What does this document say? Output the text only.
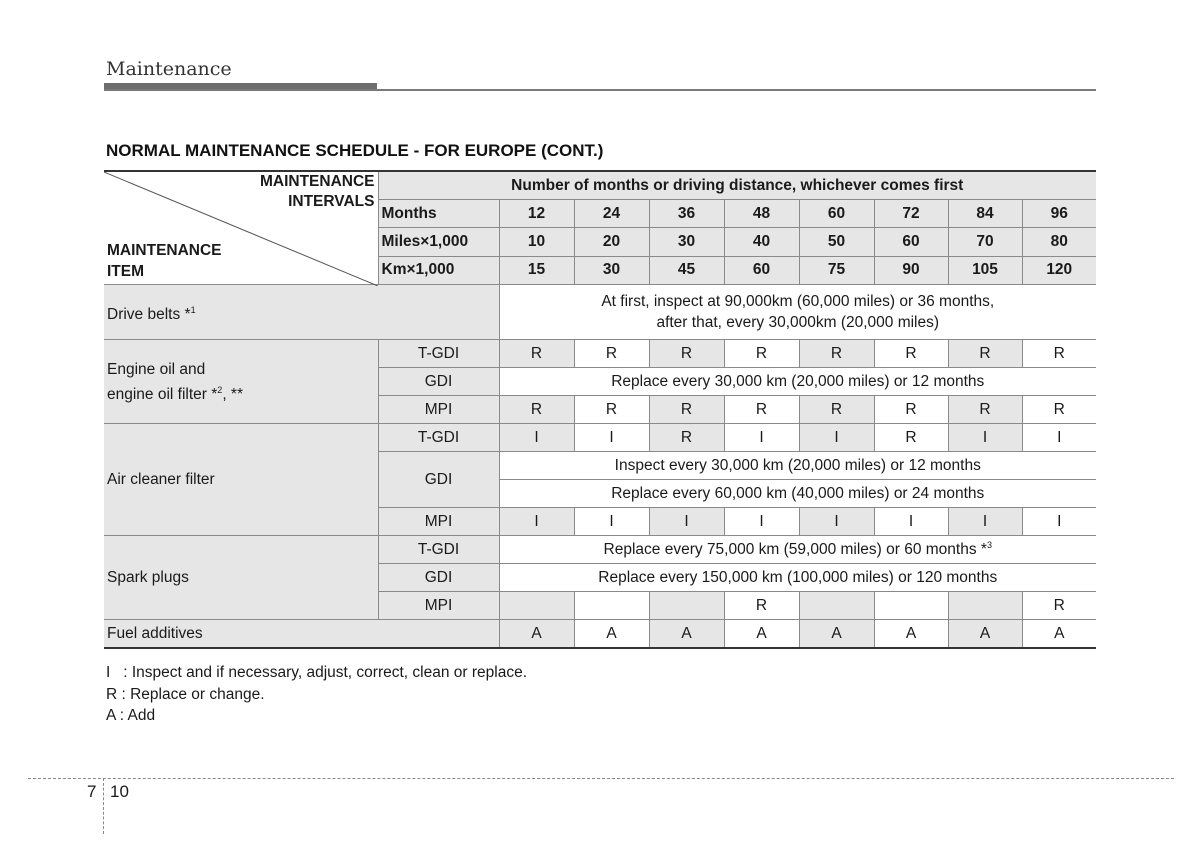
Maintenance
NORMAL MAINTENANCE SCHEDULE - FOR EUROPE (CONT.)
MAINTENANCE
INTERVALS
MAINTENANCE
ITEM	Number of months or driving distance, whichever comes first								
	Months	12	24	36	48	60	72	84	96
	Miles×1,000	10	20	30	40	50	60	70	80
	Km×1,000	15	30	45	60	75	90	105	120
Drive belts *$^1$		At first, inspect at 90,000km (60,000 miles) or 36 months,
after that, every 30,000km (20,000 miles)							

Engine oil and
engine oil filter *$^2$, **	T-GDI	R	R	R	R	R	R	R	R
	GDI	Replace every 30,000 km (20,000 miles) or 12 months							
	MPI	R	R	R	R	R	R	R	R
Air cleaner filter	T-GDI	I	I	R	I	I	R	I	I
	GDI	Inspect every 30,000 km (20,000 miles) or 12 months							
		Replace every 60,000 km (40,000 miles) or 24 months							
	MPI	I	I	I	I	I	I	I	I
Spark plugs	T-GDI	Replace every 75,000 km (59,000 miles) or 60 months *$^3$
	GDI	Replace every 150,000 km (100,000 miles) or 120 months							
	MPI				R				R
Fuel additives		A	A	A	A	A	A	A	A
I   : Inspect and if necessary, adjust, correct, clean or replace.
R : Replace or change.
A : Add
7 10
